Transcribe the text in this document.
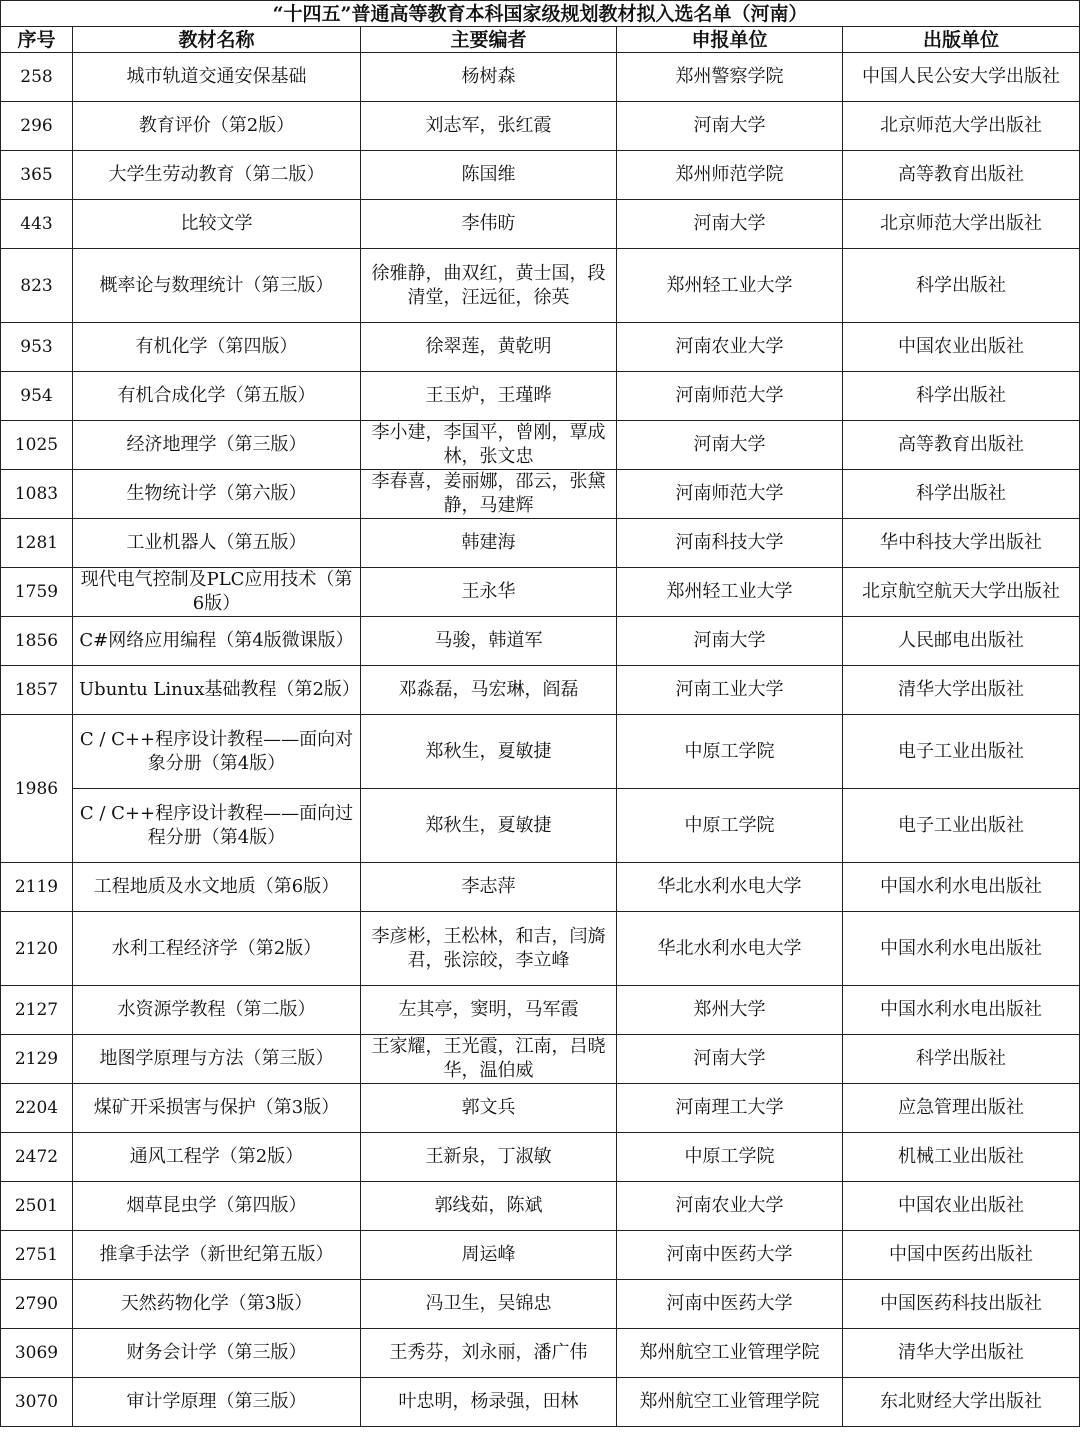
“十四五”普通高等教育本科国家级规划教材拟入选名单（河南）				
序号	教材名称	主要编者	申报单位	出版单位
258	城市轨道交通安保基础	杨树森	郑州警察学院	中国人民公安大学出版社
296	教育评价（第2版）	刘志军，张红霞	河南大学	北京师范大学出版社
365	大学生劳动教育（第二版）	陈国维	郑州师范学院	高等教育出版社
443	比较文学	李伟昉	河南大学	北京师范大学出版社
823	概率论与数理统计（第三版）	徐雅静，曲双红，黄士国，段清堂，汪远征，徐英	郑州轻工业大学	科学出版社
953	有机化学（第四版）	徐翠莲，黄乾明	河南农业大学	中国农业出版社
954	有机合成化学（第五版）	王玉炉，王瑾晔	河南师范大学	科学出版社
1025	经济地理学（第三版）	李小建，李国平，曾刚，覃成林，张文忠	河南大学	高等教育出版社
1083	生物统计学（第六版）	李春喜，姜丽娜，邵云，张黛静，马建辉	河南师范大学	科学出版社
1281	工业机器人（第五版）	韩建海	河南科技大学	华中科技大学出版社
1759	现代电气控制及PLC应用技术（第6版）	王永华	郑州轻工业大学	北京航空航天大学出版社
1856	C#网络应用编程（第4版微课版）	马骏，韩道军	河南大学	人民邮电出版社
1857	Ubuntu Linux基础教程（第2版）	邓淼磊，马宏琳，阎磊	河南工业大学	清华大学出版社
1986	C / C++程序设计教程——面向对象分册（第4版）	郑秋生，夏敏捷	中原工学院	电子工业出版社
	C / C++程序设计教程——面向过程分册（第4版）	郑秋生，夏敏捷	中原工学院	电子工业出版社
2119	工程地质及水文地质（第6版）	李志萍	华北水利水电大学	中国水利水电出版社
2120	水利工程经济学（第2版）	李彦彬，王松林，和吉，闫旖君，张淙皎，李立峰	华北水利水电大学	中国水利水电出版社
2127	水资源学教程（第二版）	左其亭，窦明，马军霞	郑州大学	中国水利水电出版社
2129	地图学原理与方法（第三版）	王家耀，王光霞，江南，吕晓华，温伯威	河南大学	科学出版社
2204	煤矿开采损害与保护（第3版）	郭文兵	河南理工大学	应急管理出版社
2472	通风工程学（第2版）	王新泉，丁淑敏	中原工学院	机械工业出版社
2501	烟草昆虫学（第四版）	郭线茹，陈斌	河南农业大学	中国农业出版社
2751	推拿手法学（新世纪第五版）	周运峰	河南中医药大学	中国中医药出版社
2790	天然药物化学（第3版）	冯卫生，吴锦忠	河南中医药大学	中国医药科技出版社
3069	财务会计学（第三版）	王秀芬，刘永丽，潘广伟	郑州航空工业管理学院	清华大学出版社
3070	审计学原理（第三版）	叶忠明，杨录强，田林	郑州航空工业管理学院	东北财经大学出版社
